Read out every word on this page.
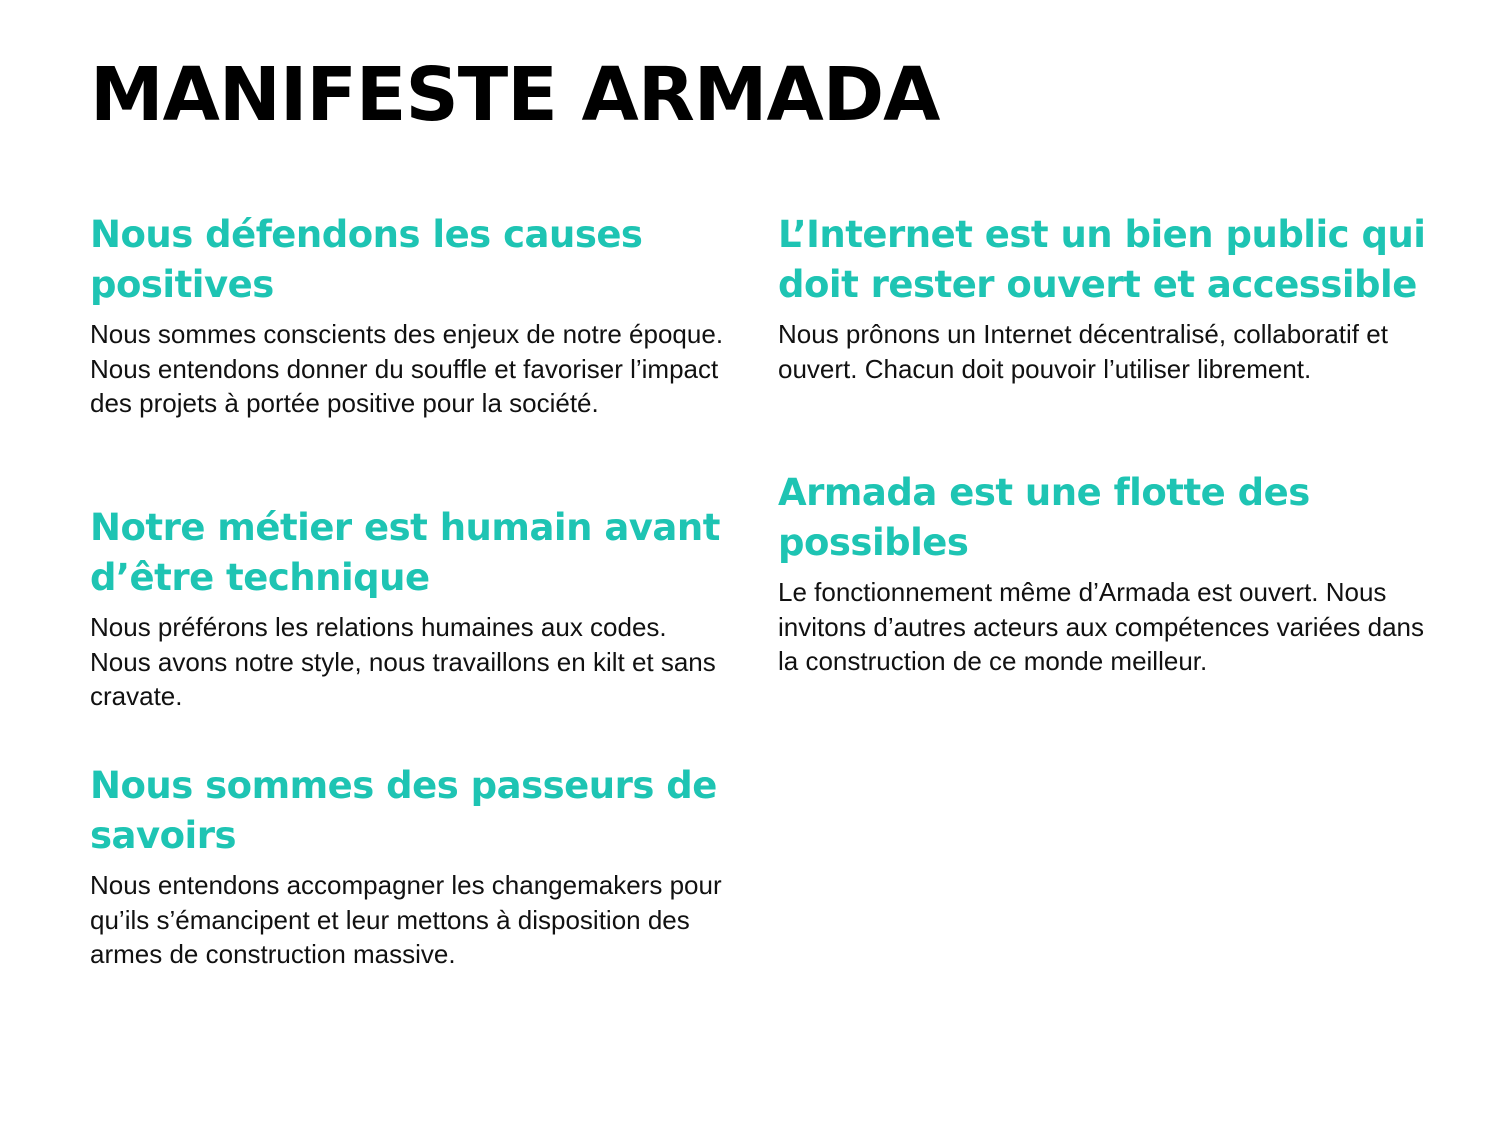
MANIFESTE ARMADA
Nous défendons les causes positives

Nous sommes conscients des enjeux de notre époque. Nous entendons donner du souffle et favoriser l’impact des projets à portée positive pour la société.

Notre métier est humain avant d’être technique

Nous préférons les relations humaines aux codes. Nous avons notre style, nous travaillons en kilt et sans cravate.

Nous sommes des passeurs de savoirs

Nous entendons accompagner les changemakers pour qu’ils s’émancipent et leur mettons à disposition des armes de construction massive.

L’Internet est un bien public qui doit rester ouvert et accessible

Nous prônons un Internet décentralisé, collaboratif et ouvert. Chacun doit pouvoir l’utiliser librement.

Armada est une flotte des possibles

Le fonctionnement même d’Armada est ouvert. Nous invitons d’autres acteurs aux compétences variées dans la construction de ce monde meilleur.
